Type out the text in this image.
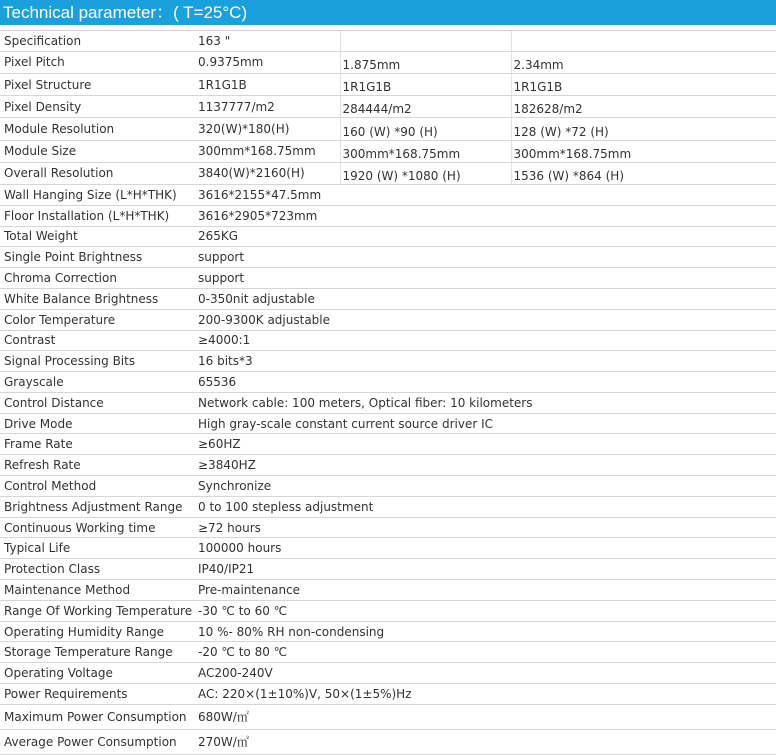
Technical parameter：( T=25°C)
Specification	163 "		
Pixel Pitch	0.9375mm	1.875mm	2.34mm
Pixel Structure	1R1G1B	1R1G1B	1R1G1B
Pixel Density	1137777/m2	284444/m2	182628/m2
Module Resolution	320(W)*180(H)	160 (W) *90 (H)	128 (W) *72 (H)
Module Size	300mm*168.75mm	300mm*168.75mm	300mm*168.75mm
Overall Resolution	3840(W)*2160(H)	1920 (W) *1080 (H)	1536 (W) *864 (H)
Wall Hanging Size (L*H*THK)	3616*2155*47.5mm		
Floor Installation (L*H*THK)	3616*2905*723mm		
Total Weight	265KG		
Single Point Brightness	support		
Chroma Correction	support		
White Balance Brightness	0-350nit adjustable		
Color Temperature	200-9300K adjustable		
Contrast	≥4000:1		
Signal Processing Bits	16 bits*3		
Grayscale	65536		
Control Distance	Network cable: 100 meters, Optical fiber: 10 kilometers		
Drive Mode	High gray-scale constant current source driver IC		
Frame Rate	≥60HZ		
Refresh Rate	≥3840HZ		
Control Method	Synchronize		
Brightness Adjustment Range	0 to 100 stepless adjustment		
Continuous Working time	≥72 hours		
Typical Life	100000 hours		
Protection Class	IP40/IP21		
Maintenance Method	Pre-maintenance		
Range Of Working Temperature	-30 ℃ to 60 ℃		
Operating Humidity Range	10 %- 80% RH non-condensing		
Storage Temperature Range	-20 ℃ to 80 ℃		
Operating Voltage	AC200-240V		
Power Requirements	AC: 220×(1±10%)V, 50×(1±5%)Hz		
Maximum Power Consumption	680W/㎡		
Average Power Consumption	270W/㎡		
